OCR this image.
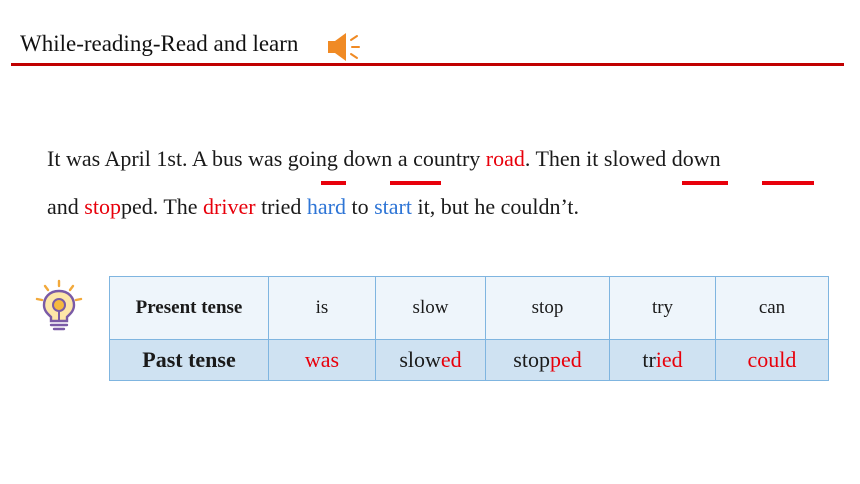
While-reading-Read and learn
It was April 1st. A bus was going down a country road. Then it slowed down
and stopped. The driver tried hard to start it, but he couldn’t.
Present tense	is	slow	stop	try	can
Past tense	was	slowed	stopped	tried	could
